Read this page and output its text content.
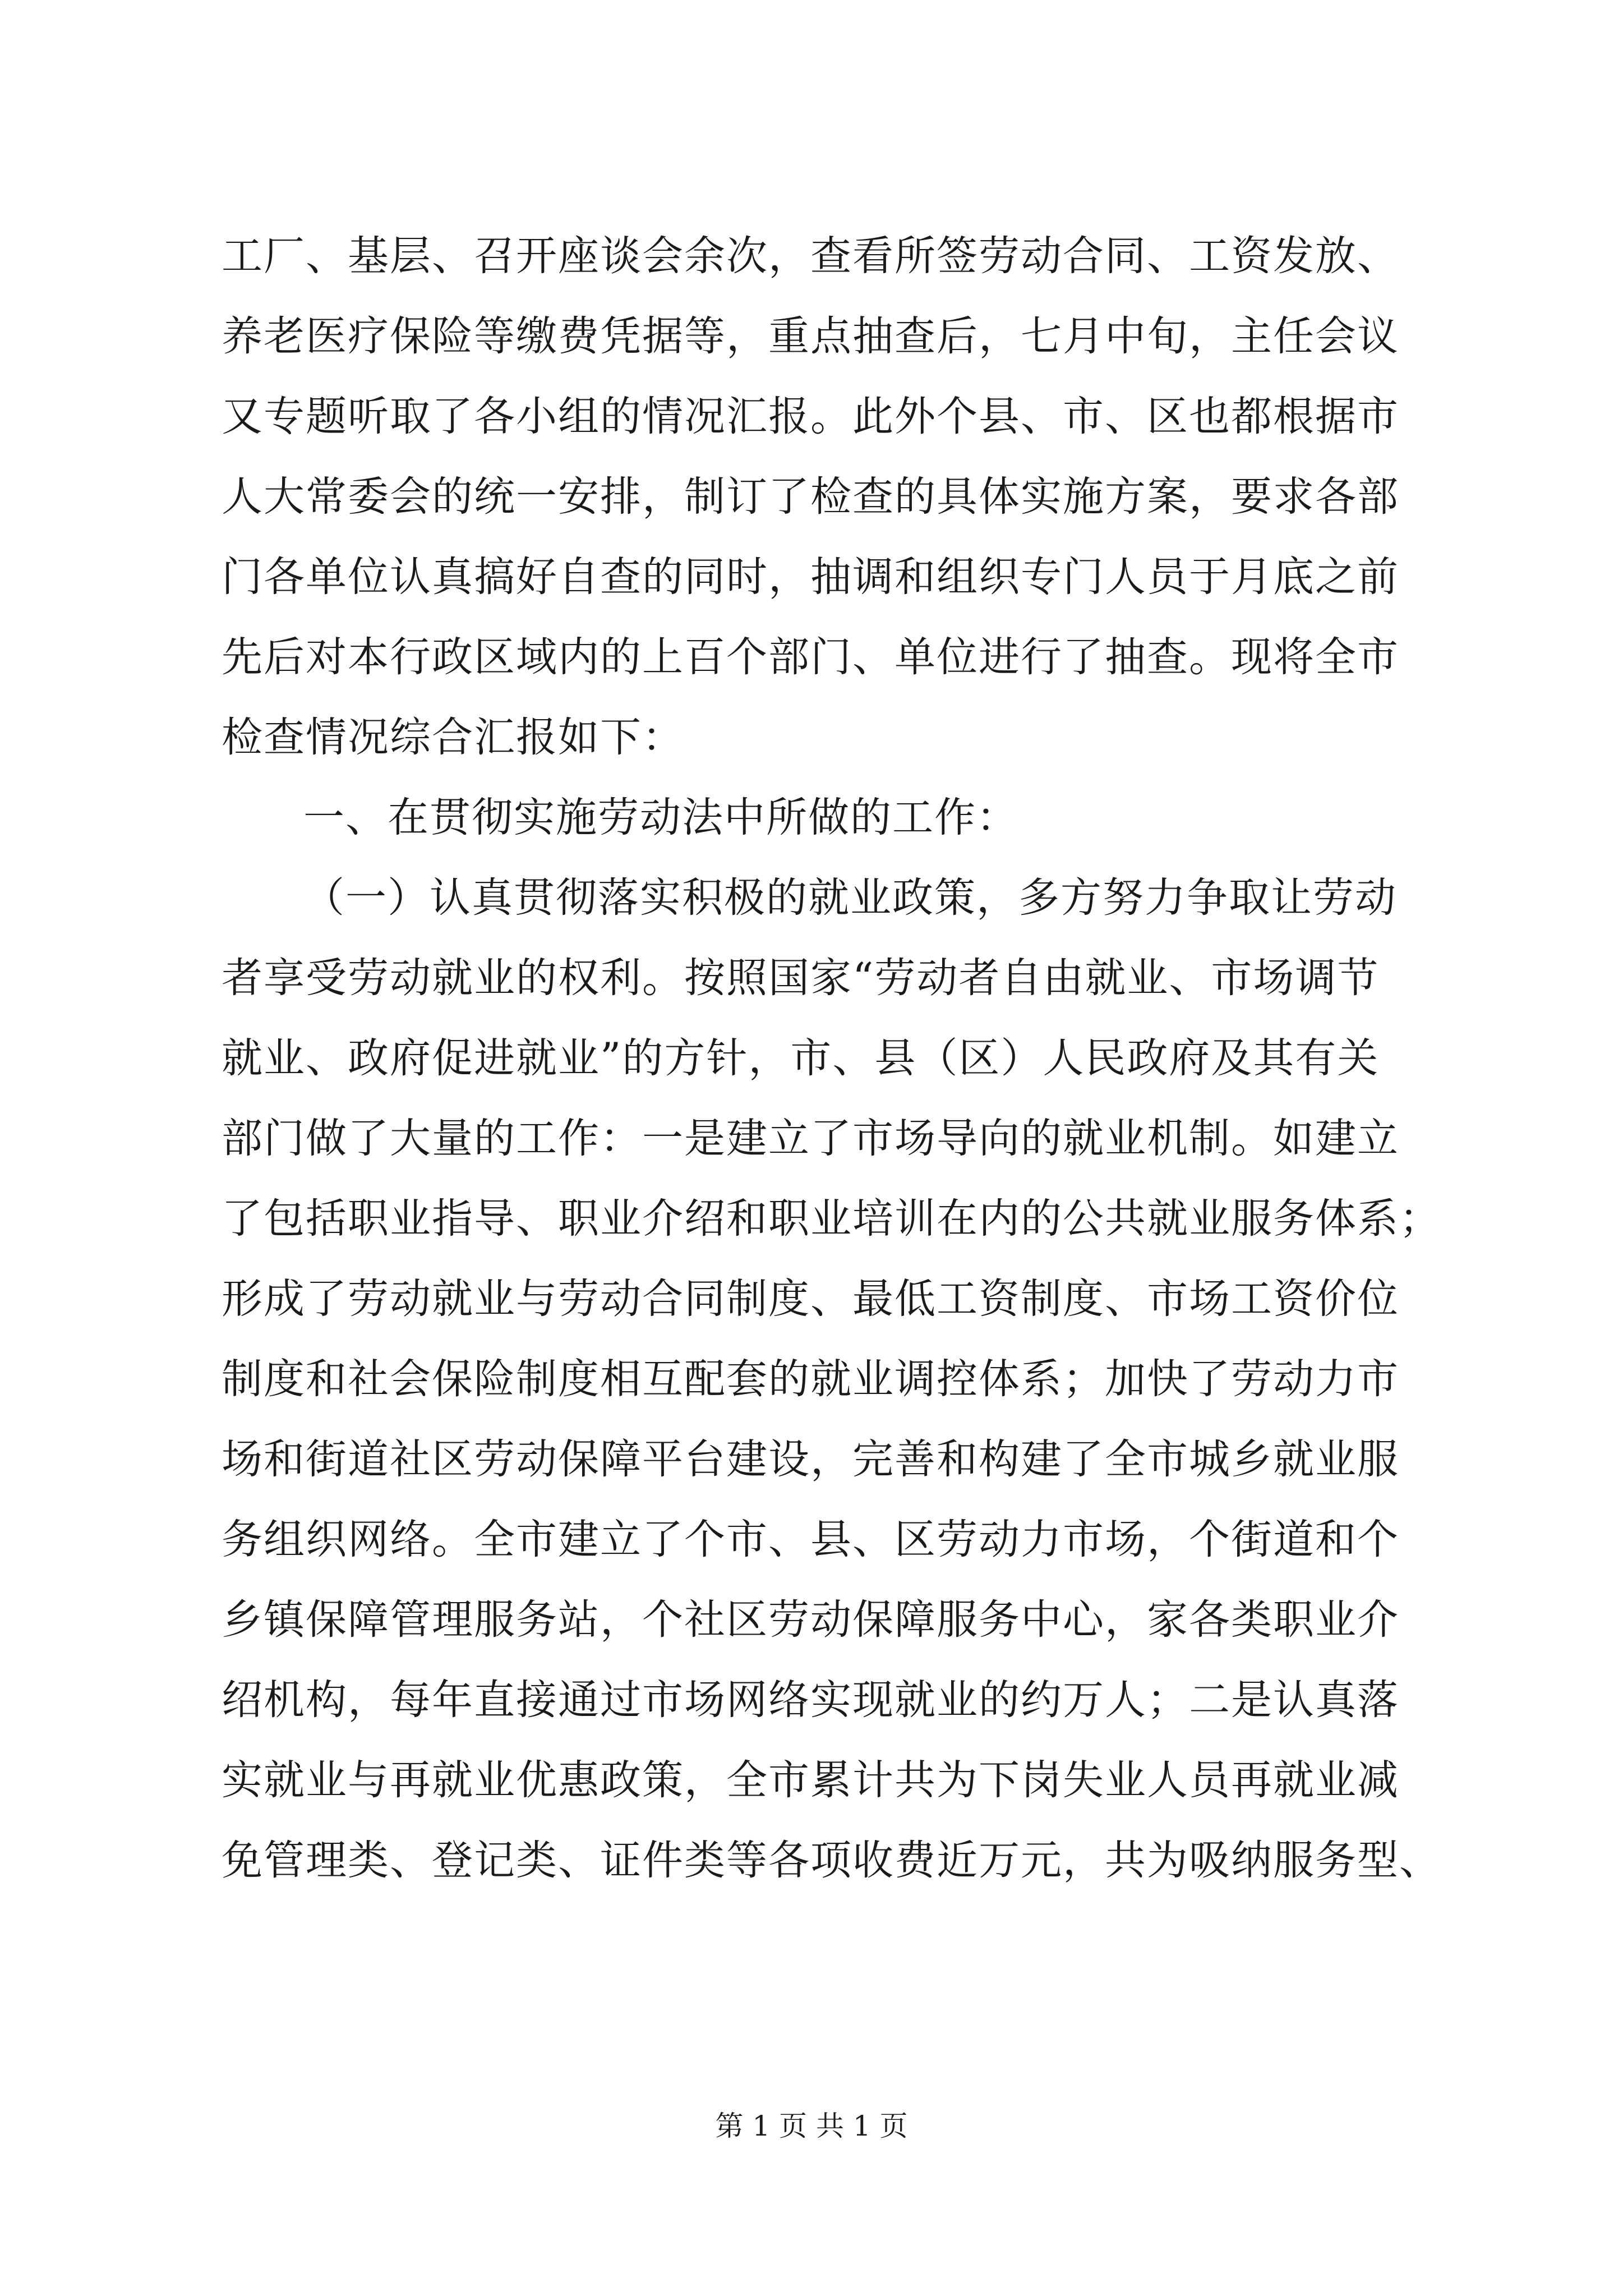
工厂、基层、召开座谈会余次，查看所签劳动合同、工资发放、
养老医疗保险等缴费凭据等，重点抽查后，七月中旬，主任会议
又专题听取了各小组的情况汇报。此外个县、市、区也都根据市
人大常委会的统一安排，制订了检查的具体实施方案，要求各部
门各单位认真搞好自查的同时，抽调和组织专门人员于月底之前
先后对本行政区域内的上百个部门、单位进行了抽查。现将全市
检查情况综合汇报如下：
一、在贯彻实施劳动法中所做的工作：
（一）认真贯彻落实积极的就业政策，多方努力争取让劳动
者享受劳动就业的权利。按照国家“劳动者自由就业、市场调节
就业、政府促进就业”的方针，市、县（区）人民政府及其有关
部门做了大量的工作：一是建立了市场导向的就业机制。如建立
了包括职业指导、职业介绍和职业培训在内的公共就业服务体系；
形成了劳动就业与劳动合同制度、最低工资制度、市场工资价位
制度和社会保险制度相互配套的就业调控体系；加快了劳动力市
场和街道社区劳动保障平台建设，完善和构建了全市城乡就业服
务组织网络。全市建立了个市、县、区劳动力市场，个街道和个
乡镇保障管理服务站，个社区劳动保障服务中心，家各类职业介
绍机构，每年直接通过市场网络实现就业的约万人；二是认真落
实就业与再就业优惠政策，全市累计共为下岗失业人员再就业减
免管理类、登记类、证件类等各项收费近万元，共为吸纳服务型、
第 1 页 共 1 页
